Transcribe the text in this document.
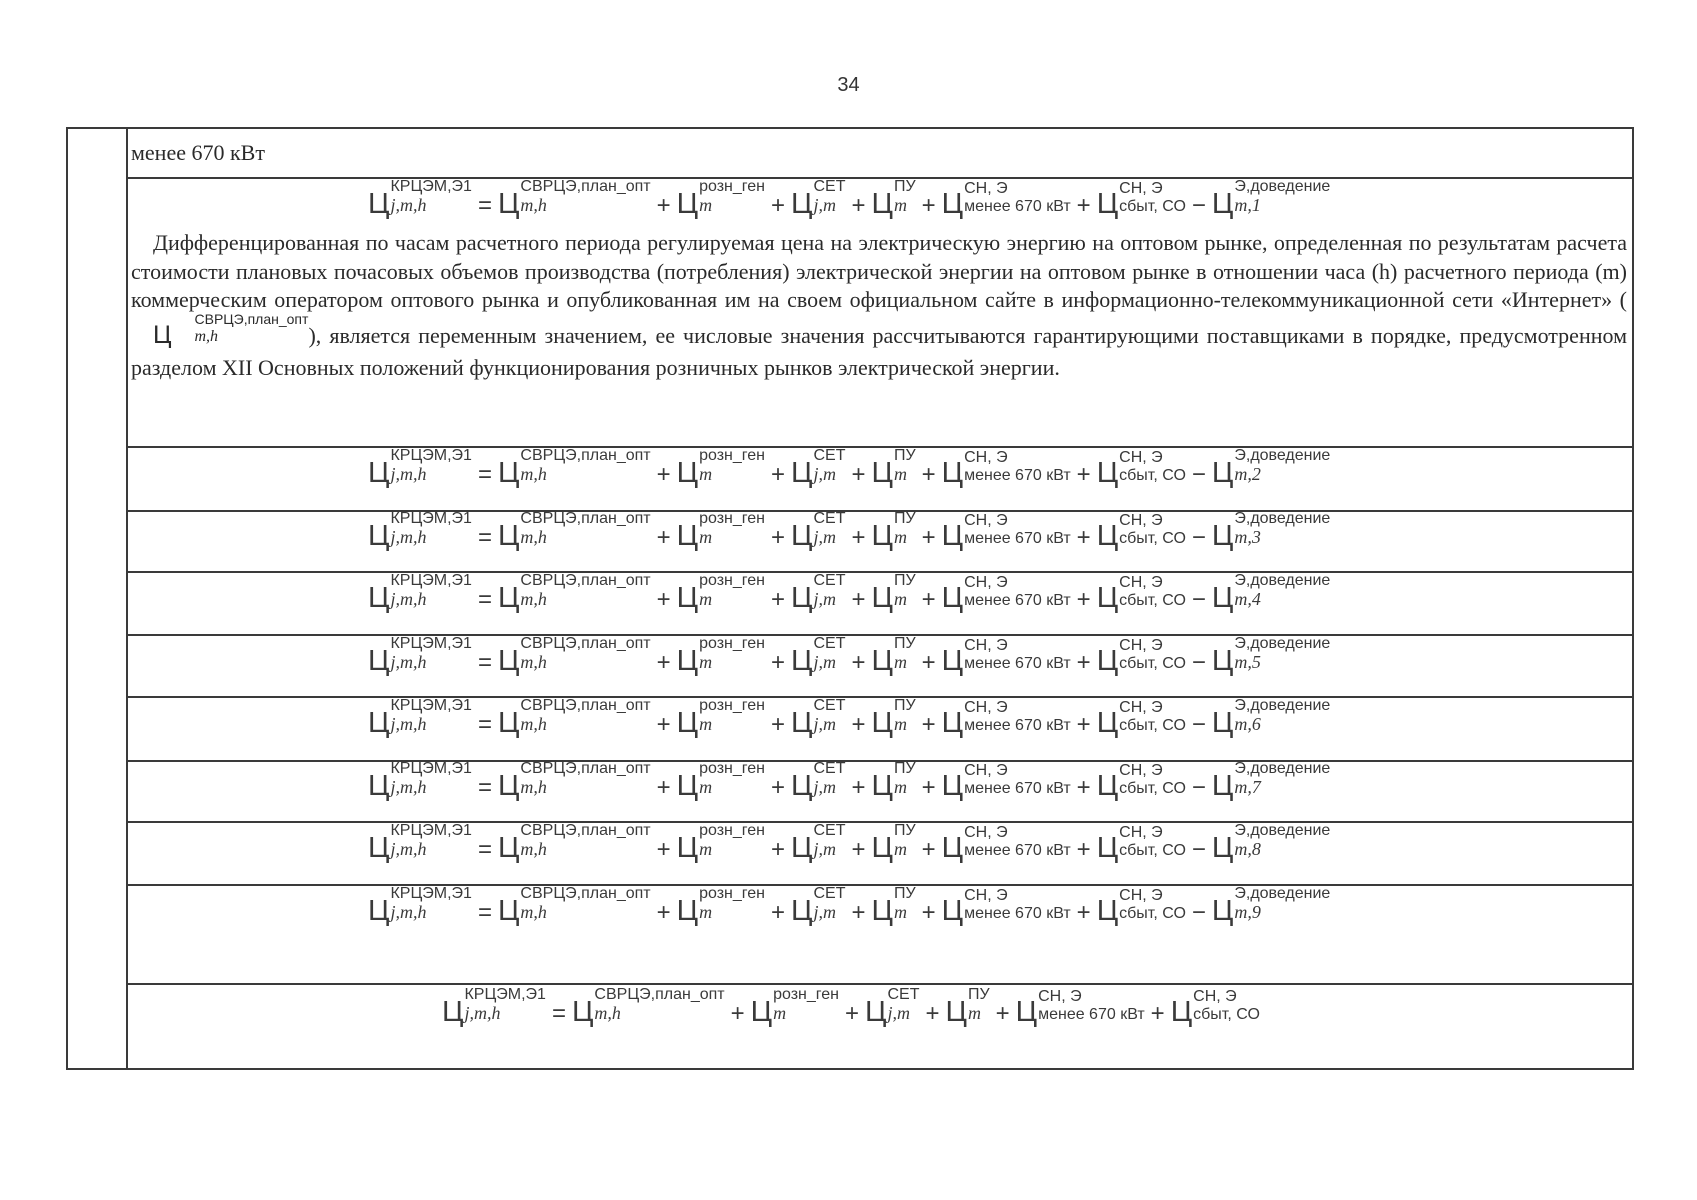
34
менее 670 кВт
Дифференцированная по часам расчетного периода регулируемая цена на электрическую энергию на оптовом рынке, определенная по результатам расчета стоимости плановых почасовых объемов производства (потребления) электрической энергии на оптовом рынке в отношении часа (h) расчетного периода (m) коммерческим оператором оптового рынка и опубликованная им на своем официальном сайте в информационно-телекоммуникационной сети «Интернет» (Ц
СВРЦЭ,план_опт
m,h	), является переменным значением, ее числовые значения рассчитываются гарантирующими поставщиками в порядке, предусмотренном разделом XII Основных положений функционирования розничных рынков электрической энергии.
Ц
КРЦЭМ,Э1
j,m,h	= Ц
СВРЦЭ,план_опт
m,h	+ Ц
розн_ген
m	+ Ц
СЕТ
j,m + Ц
ПУ
m + Ц СН, Э
менее 670 кВт + Ц СН, Э
сбыт, СО − Ц
Э,доведение
m,1
Ц
КРЦЭМ,Э1
j,m,h	= Ц
СВРЦЭ,план_опт
m,h	+ Ц
розн_ген
m	+ Ц
СЕТ
j,m + Ц
ПУ
m + Ц СН, Э
менее 670 кВт + Ц СН, Э
сбыт, СО − Ц
Э,доведение
m,2
Ц
КРЦЭМ,Э1
j,m,h	= Ц
СВРЦЭ,план_опт
m,h	+ Ц
розн_ген
m	+ Ц
СЕТ
j,m + Ц
ПУ
m + Ц СН, Э
менее 670 кВт + Ц СН, Э
сбыт, СО − Ц
Э,доведение
m,3
Ц
КРЦЭМ,Э1
j,m,h	= Ц
СВРЦЭ,план_опт
m,h	+ Ц
розн_ген
m	+ Ц
СЕТ
j,m + Ц
ПУ
m + Ц СН, Э
менее 670 кВт + Ц СН, Э
сбыт, СО − Ц
Э,доведение
m,4
Ц
КРЦЭМ,Э1
j,m,h	= Ц
СВРЦЭ,план_опт
m,h	+ Ц
розн_ген
m	+ Ц
СЕТ
j,m + Ц
ПУ
m + Ц СН, Э
менее 670 кВт + Ц СН, Э
сбыт, СО − Ц
Э,доведение
m,5
Ц
КРЦЭМ,Э1
j,m,h	= Ц
СВРЦЭ,план_опт
m,h	+ Ц
розн_ген
m	+ Ц
СЕТ
j,m + Ц
ПУ
m + Ц СН, Э
менее 670 кВт + Ц СН, Э
сбыт, СО − Ц
Э,доведение
m,6
Ц
КРЦЭМ,Э1
j,m,h	= Ц
СВРЦЭ,план_опт
m,h	+ Ц
розн_ген
m	+ Ц
СЕТ
j,m + Ц
ПУ
m + Ц СН, Э
менее 670 кВт + Ц СН, Э
сбыт, СО − Ц
Э,доведение
m,7
Ц
КРЦЭМ,Э1
j,m,h	= Ц
СВРЦЭ,план_опт
m,h	+ Ц
розн_ген
m	+ Ц
СЕТ
j,m + Ц
ПУ
m + Ц СН, Э
менее 670 кВт + Ц СН, Э
сбыт, СО − Ц
Э,доведение
m,8
Ц
КРЦЭМ,Э1
j,m,h	= Ц
СВРЦЭ,план_опт
m,h	+ Ц
розн_ген
m	+ Ц
СЕТ
j,m + Ц
ПУ
m + Ц СН, Э
менее 670 кВт + Ц СН, Э
сбыт, СО − Ц
Э,доведение
m,9
Ц
КРЦЭМ,Э1
j,m,h	= Ц
СВРЦЭ,план_опт
m,h	+ Ц
розн_ген
m	+ Ц
СЕТ
j,m + Ц
ПУ
m + Ц СН, Э
менее 670 кВт + Ц СН, Э
сбыт, СО
